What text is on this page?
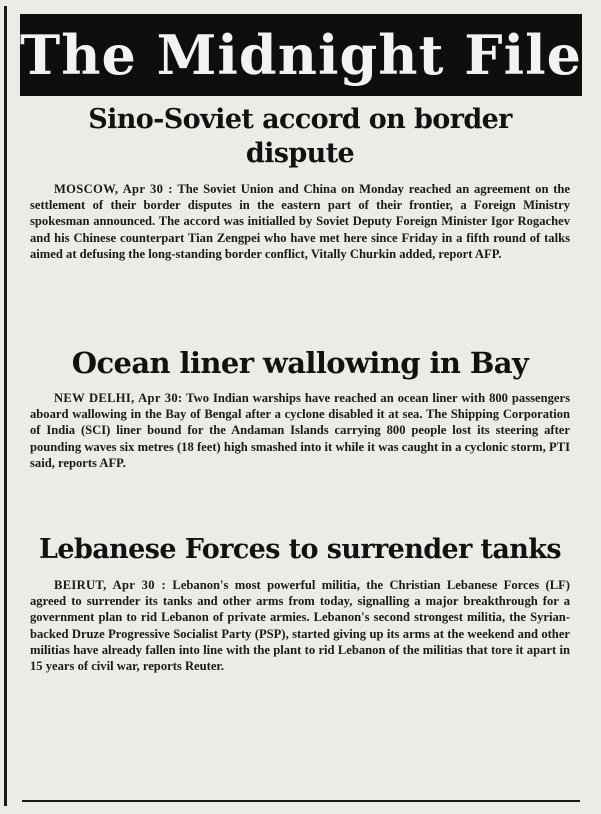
The Midnight File
Sino-Soviet accord on border dispute

MOSCOW, Apr 30 : The Soviet Union and China on Monday reached an agreement on the settlement of their border disputes in the eastern part of their frontier, a Foreign Ministry spokesman announced. The accord was initialled by Soviet Deputy Foreign Minister Igor Rogachev and his Chinese counterpart Tian Zengpei who have met here since Friday in a fifth round of talks aimed at defusing the long-standing border conflict, Vitally Churkin added, report AFP.

Ocean liner wallowing in Bay

NEW DELHI, Apr 30: Two Indian warships have reached an ocean liner with 800 passengers aboard wallowing in the Bay of Bengal after a cyclone disabled it at sea. The Shipping Corporation of India (SCI) liner bound for the Andaman Islands carrying 800 people lost its steering after pounding waves six metres (18 feet) high smashed into it while it was caught in a cyclonic storm, PTI said, reports AFP.

Lebanese Forces to surrender tanks

BEIRUT, Apr 30 : Lebanon's most powerful militia, the Christian Lebanese Forces (LF) agreed to surrender its tanks and other arms from today, signalling a major breakthrough for a government plan to rid Lebanon of private armies. Lebanon's second strongest militia, the Syrian-backed Druze Progressive Socialist Party (PSP), started giving up its arms at the weekend and other militias have already fallen into line with the plant to rid Lebanon of the militias that tore it apart in 15 years of civil war, reports Reuter.
